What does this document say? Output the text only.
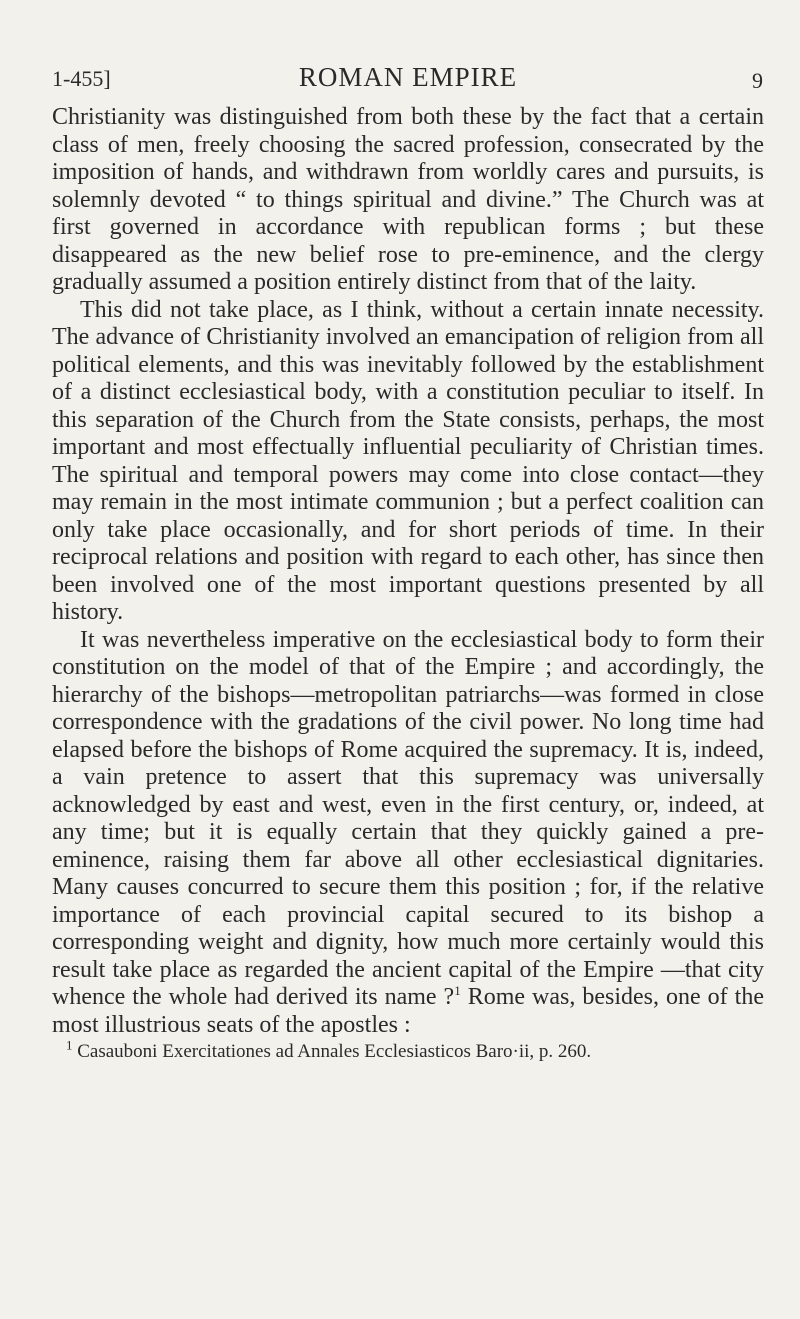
1-455]	ROMAN EMPIRE	9

Christianity was distinguished from both these by the fact that a certain class of men, freely choosing the sacred profession, consecrated by the imposition of hands, and withdrawn from worldly cares and pursuits, is solemnly devoted “ to things spiritual and divine.” The Church was at first governed in accordance with republican forms ; but these disappeared as the new belief rose to pre-eminence, and the clergy gradually assumed a position entirely distinct from that of the laity.

This did not take place, as I think, without a certain innate necessity. The advance of Christianity involved an emancipation of religion from all political elements, and this was inevitably followed by the establishment of a distinct ecclesiastical body, with a constitution peculiar to itself. In this separation of the Church from the State consists, perhaps, the most important and most effectually influential peculiarity of Christian times. The spiritual and temporal powers may come into close contact—they may remain in the most intimate communion ; but a perfect coalition can only take place occasionally, and for short periods of time. In their reciprocal relations and position with regard to each other, has since then been involved one of the most important questions presented by all history.

It was nevertheless imperative on the ecclesiastical body to form their constitution on the model of that of the Empire ; and accordingly, the hierarchy of the bishops—metropolitan patriarchs—was formed in close correspondence with the gradations of the civil power. No long time had elapsed before the bishops of Rome acquired the supremacy. It is, indeed, a vain pretence to assert that this supremacy was universally acknowledged by east and west, even in the first century, or, indeed, at any time; but it is equally certain that they quickly gained a pre-eminence, raising them far above all other ecclesiastical dignitaries. Many causes concurred to secure them this position ; for, if the relative importance of each provincial capital secured to its bishop a corresponding weight and dignity, how much more certainly would this result take place as regarded the ancient capital of the Empire —that city whence the whole had derived its name ?$^1$ Rome was, besides, one of the most illustrious seats of the apostles :

$^1$ Casauboni Exercitationes ad Annales Ecclesiasticos Baro·ii, p. 260.
